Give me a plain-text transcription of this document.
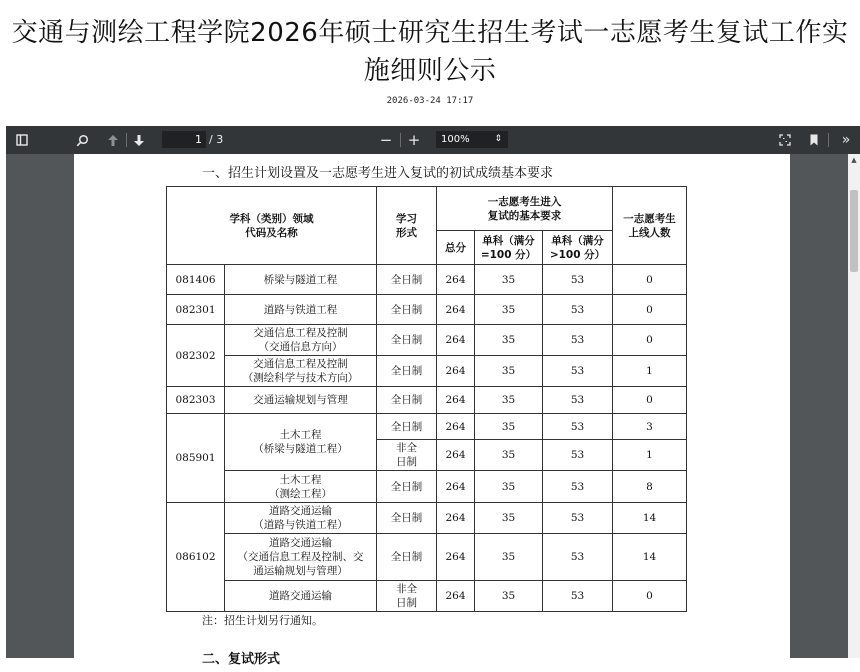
交通与测绘工程学院2026年硕士研究生招生考试一志愿考生复试工作实施细则公示
2026-03-24 17:17
1 / 3	− +	100%	⇕	»
一、招生计划设置及一志愿考生进入复试的初试成绩基本要求
学科（类别）领域
代码及名称		学习
形式	一志愿考生进入
复试的基本要求			一志愿考生
上线人数
			总分	单科（满分
=100 分）	单科（满分
>100 分）	
081406	桥梁与隧道工程	全日制	264	35	53	0
082301	道路与铁道工程	全日制	264	35	53	0
082302	交通信息工程及控制
（交通信息方向）	全日制	264	35	53	0
	交通信息工程及控制
（测绘科学与技术方向）	全日制	264	35	53	1
082303	交通运输规划与管理	全日制	264	35	53	0
085901	土木工程
（桥梁与隧道工程）	全日制	264	35	53	3
		非全
日制	264	35	53	1
	土木工程
（测绘工程）	全日制	264	35	53	8
086102	道路交通运输
（道路与铁道工程）	全日制	264	35	53	14
	道路交通运输
（交通信息工程及控制、交
通运输规划与管理）	全日制	264	35	53	14
	道路交通运输	非全
日制	264	35	53	0
注：招生计划另行通知。
二、复试形式
▲
